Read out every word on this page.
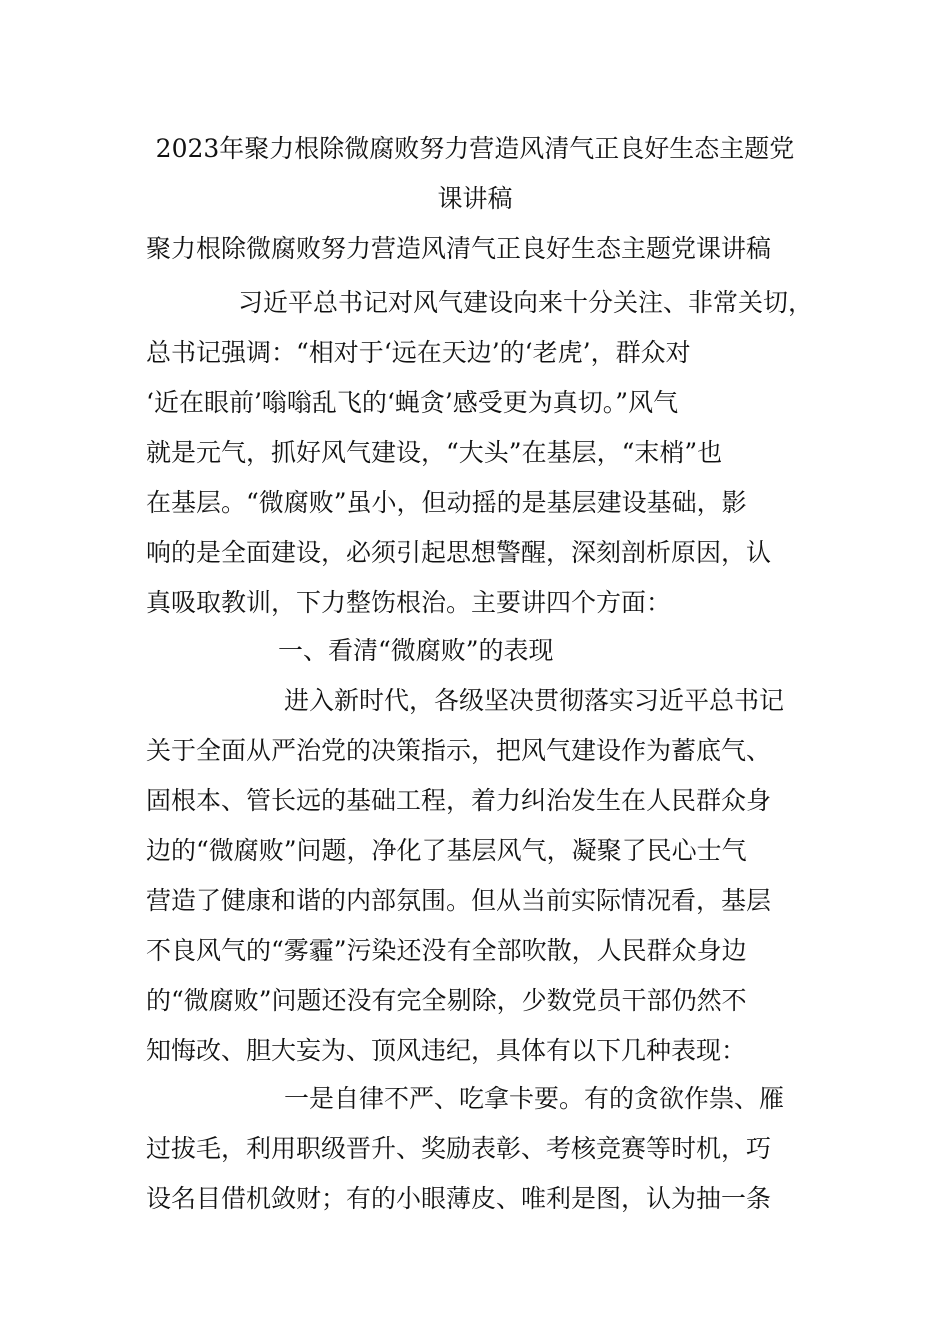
2023年聚力根除微腐败努力营造风清气正良好生态主题党
课讲稿
聚力根除微腐败努力营造风清气正良好生态主题党课讲稿
习近平总书记对风气建设向来十分关注、非常关切，
总书记强调：“相对于‘远在天边’的‘老虎’，群众对
‘近在眼前’嗡嗡乱飞的‘蝇贪’感受更为真切。”风气
就是元气，抓好风气建设，“大头”在基层，“末梢”也
在基层。“微腐败”虽小，但动摇的是基层建设基础，影
响的是全面建设，必须引起思想警醒，深刻剖析原因，认
真吸取教训，下力整饬根治。主要讲四个方面：
一、看清“微腐败”的表现
进入新时代，各级坚决贯彻落实习近平总书记
关于全面从严治党的决策指示，把风气建设作为蓄底气、
固根本、管长远的基础工程，着力纠治发生在人民群众身
边的“微腐败”问题，净化了基层风气，凝聚了民心士气
营造了健康和谐的内部氛围。但从当前实际情况看，基层
不良风气的“雾霾”污染还没有全部吹散，人民群众身边
的“微腐败”问题还没有完全剔除，少数党员干部仍然不
知悔改、胆大妄为、顶风违纪，具体有以下几种表现：
一是自律不严、吃拿卡要。有的贪欲作祟、雁
过拔毛，利用职级晋升、奖励表彰、考核竞赛等时机，巧
设名目借机敛财；有的小眼薄皮、唯利是图，认为抽一条
